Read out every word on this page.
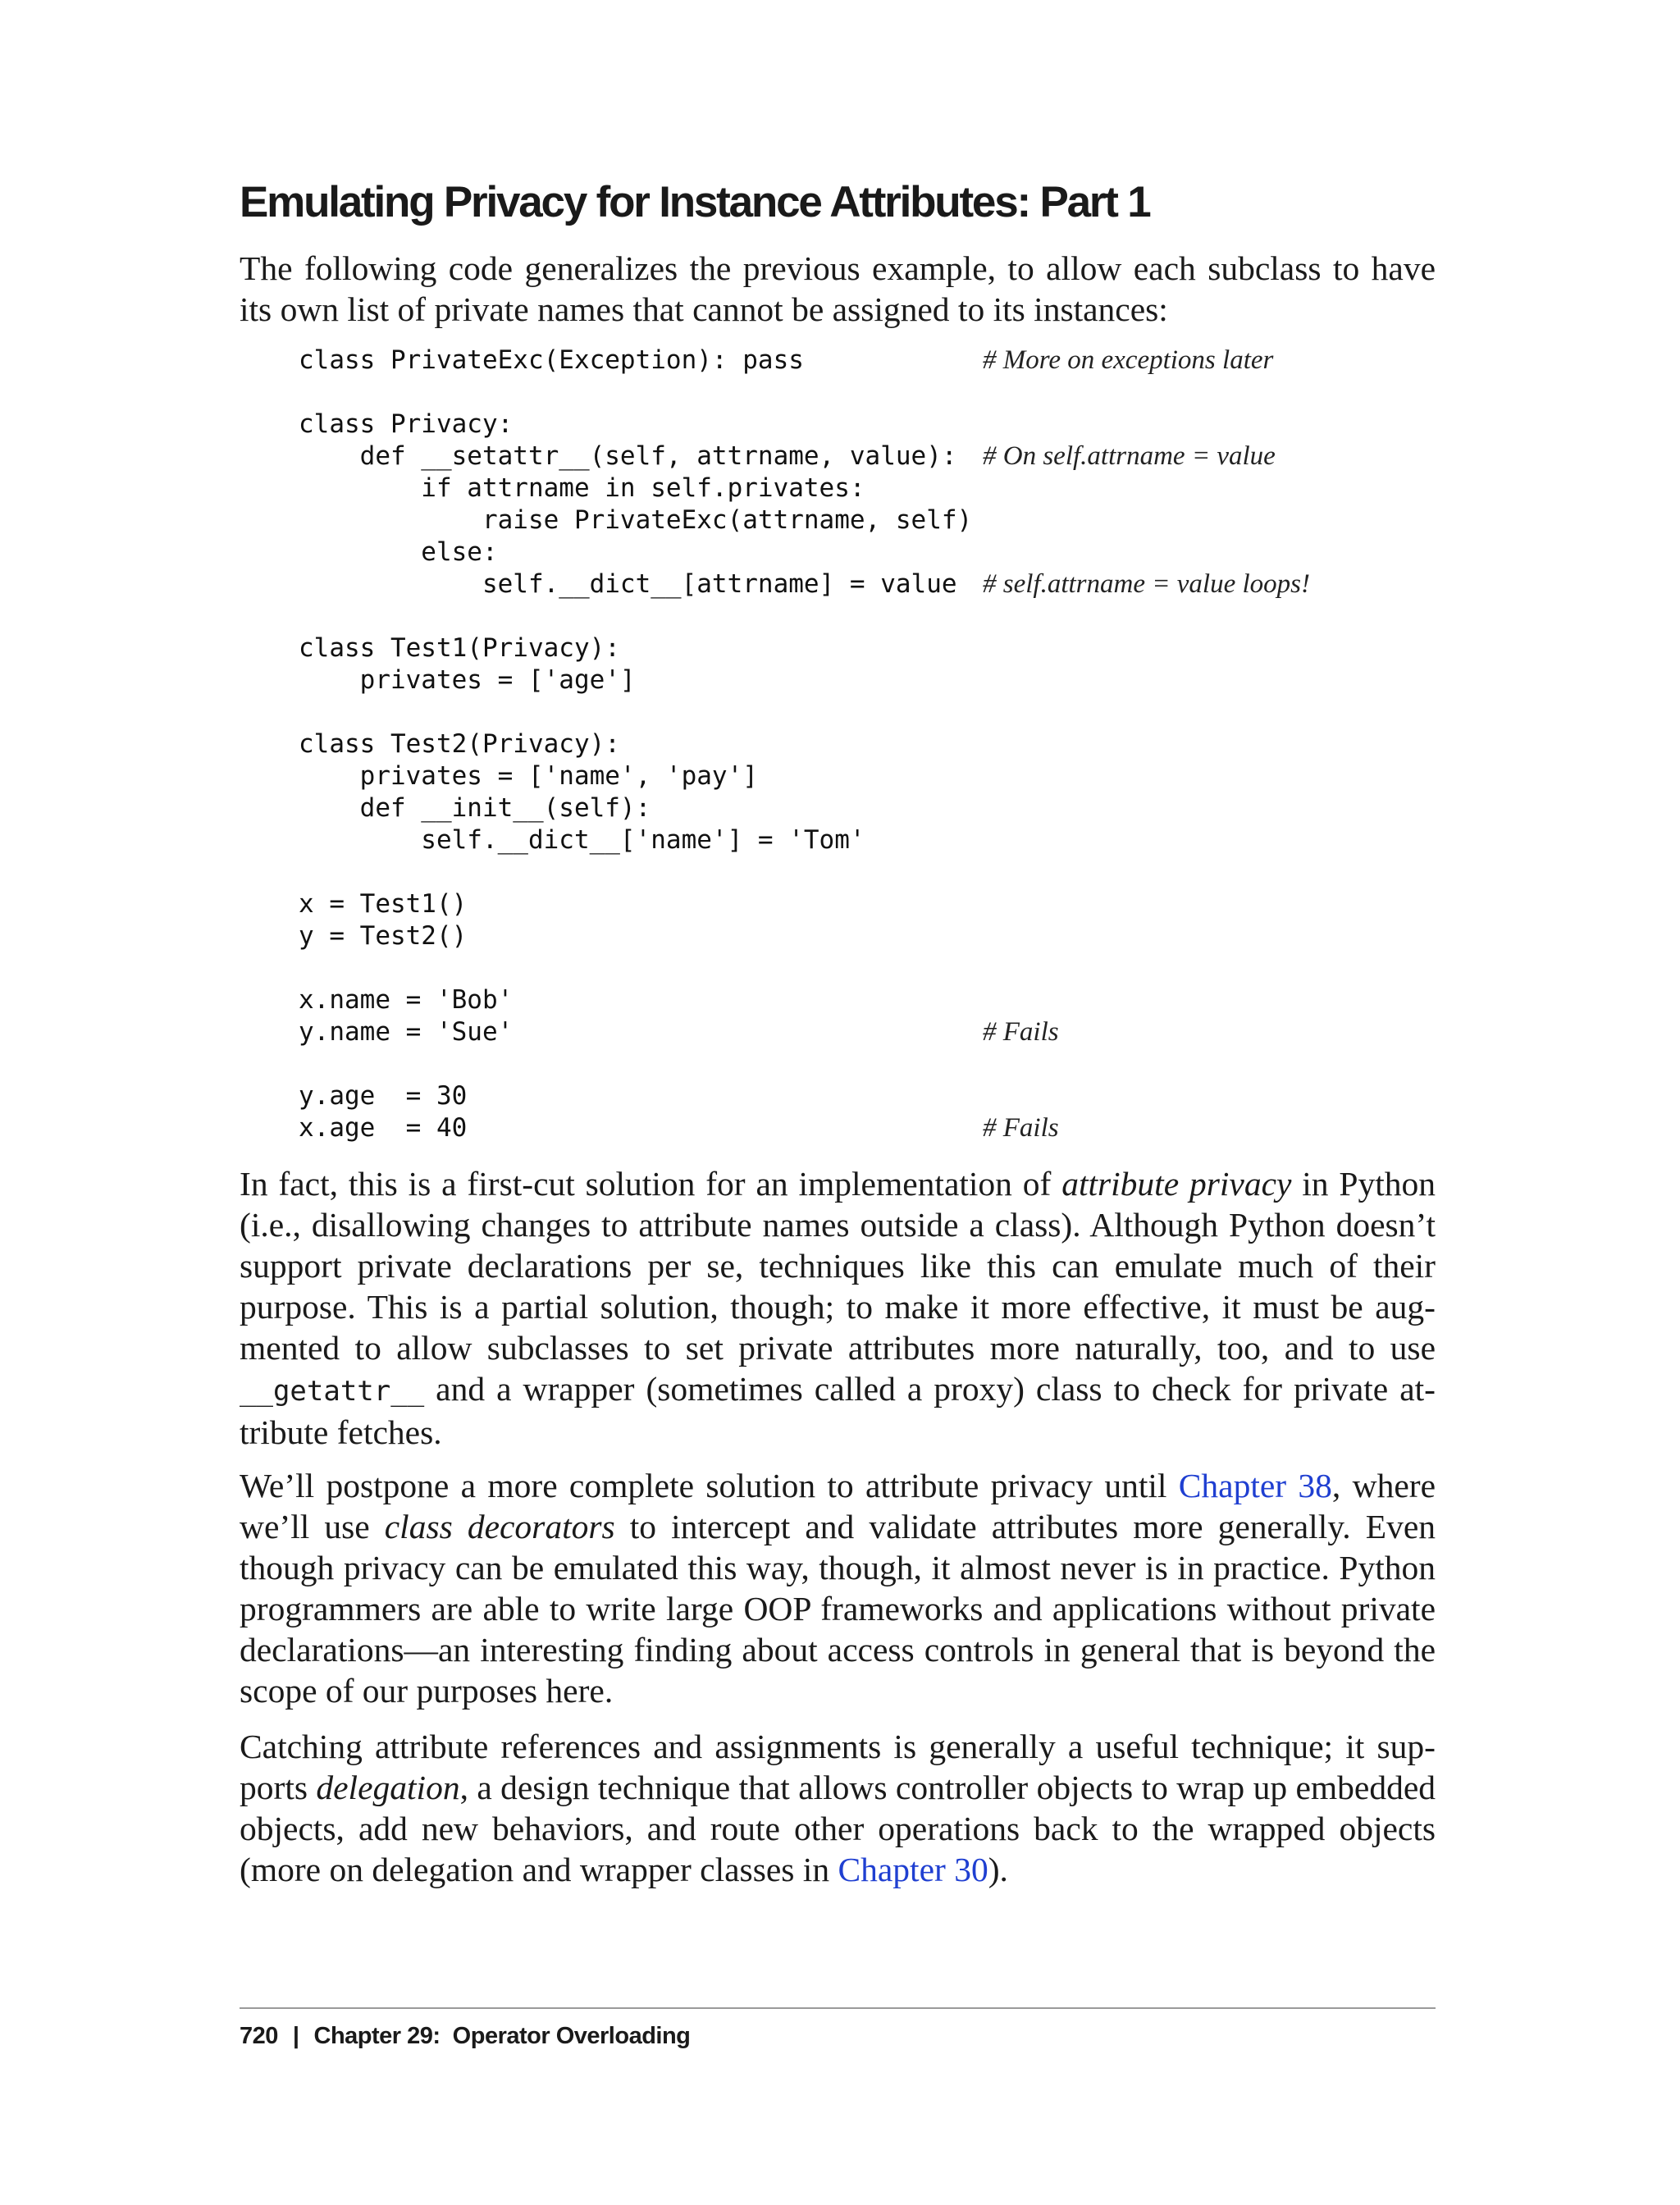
Emulating Privacy for Instance Attributes: Part 1

The following code generalizes the previous example, to allow each subclass to have its own list of private names that cannot be assigned to its instances:

class PrivateExc(Exception): pass	# More on exceptions later
class Privacy:
def __setattr__(self, attrname, value): # On self.attrname = value
if attrname in self.privates:
raise PrivateExc(attrname, self)
else:
self.__dict__[attrname] = value # self.attrname = value loops!
class Test1(Privacy):
privates = ['age']
class Test2(Privacy):
privates = ['name', 'pay']
def __init__(self):
self.__dict__['name'] = 'Tom'
x = Test1()
y = Test2()
x.name = 'Bob'
y.name = 'Sue'	# Fails
y.age  = 30
x.age  = 40	# Fails

In fact, this is a first-cut solution for an implementation of attribute privacy in Python (i.e., disallowing changes to attribute names outside a class). Although Python doesn’t support private declarations per se, techniques like this can emulate much of their purpose. This is a partial solution, though; to make it more effective, it must be augmented to allow subclasses to set private attributes more naturally, too, and to use __getattr__ and a wrapper (sometimes called a proxy) class to check for private attribute fetches.

We’ll postpone a more complete solution to attribute privacy until Chapter 38, where we’ll use class decorators to intercept and validate attributes more generally. Even though privacy can be emulated this way, though, it almost never is in practice. Python programmers are able to write large OOP frameworks and applications without private declarations—an interesting finding about access controls in general that is beyond the scope of our purposes here.

Catching attribute references and assignments is generally a useful technique; it supports delegation, a design technique that allows controller objects to wrap up embedded objects, add new behaviors, and route other operations back to the wrapped objects (more on delegation and wrapper classes in Chapter 30).

720 | Chapter 29:  Operator Overloading
